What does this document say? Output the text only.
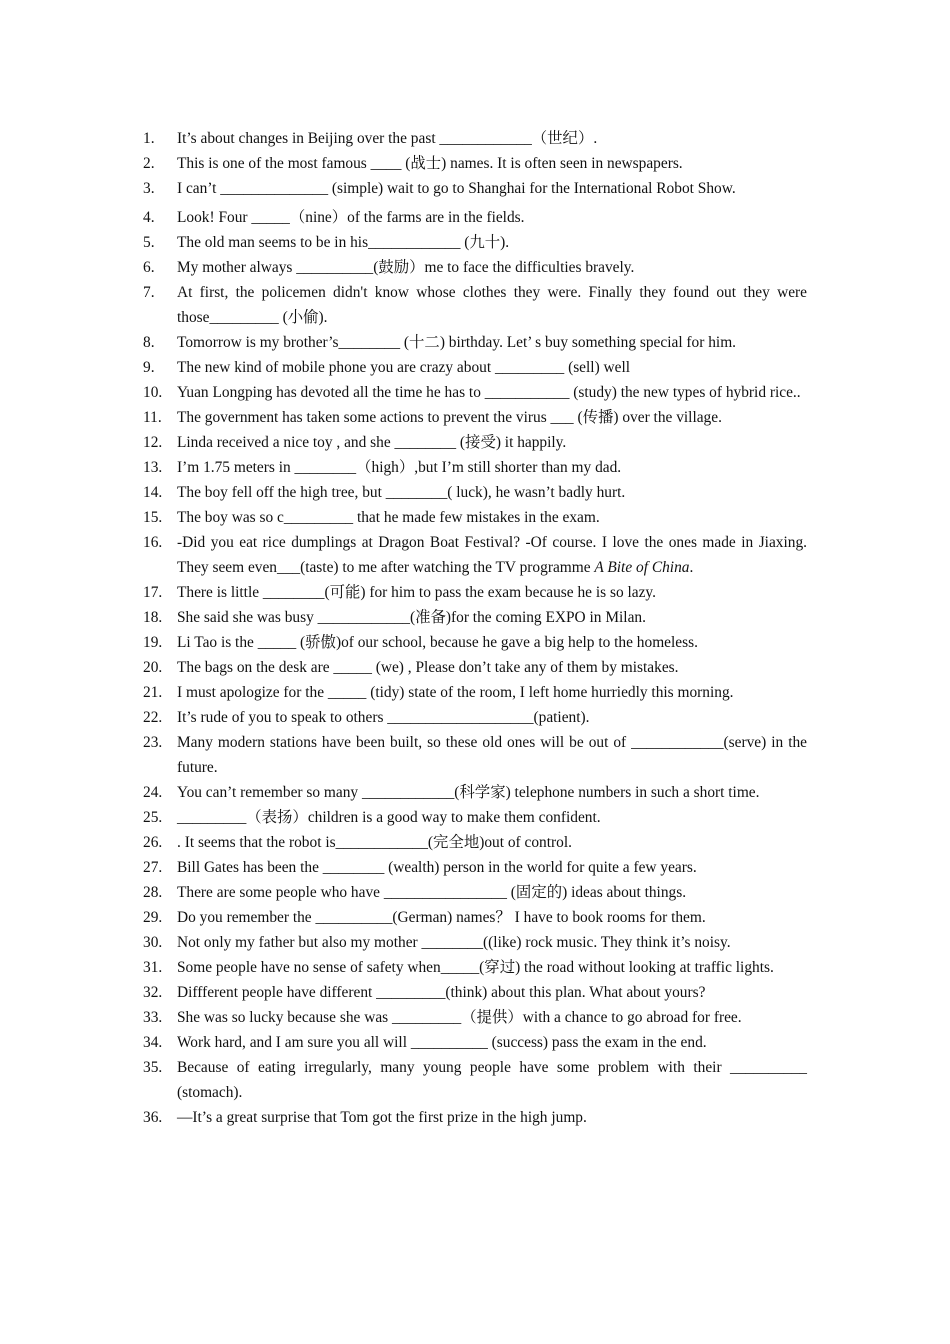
1. It’s about changes in Beijing over the past ____________（世纪）.
2. This is one of the most famous ____ (战士) names. It is often seen in newspapers.
3. I can’t ______________ (simple) wait to go to Shanghai for the International Robot Show.
4. Look! Four _____（nine）of the farms are in the fields.
5. The old man seems to be in his____________ (九十).
6. My mother always __________(鼓励）me to face the difficulties bravely.
7. At first, the policemen didn't know whose clothes they were. Finally they found out they were those_________ (小偷).
8. Tomorrow is my brother’s________ (十二) birthday. Let’ s buy something special for him.
9. The new kind of mobile phone you are crazy about _________ (sell) well
10. Yuan Longping has devoted all the time he has to ___________ (study) the new types of hybrid rice..
11. The government has taken some actions to prevent the virus ___ (传播) over the village.
12. Linda received a nice toy , and she ________ (接受) it happily.
13. I’m 1.75 meters in ________（high）,but I’m still shorter than my dad.
14. The boy fell off the high tree, but ________( luck), he wasn’t badly hurt.
15. The boy was so c_________ that he made few mistakes in the exam.
16. -Did you eat rice dumplings at Dragon Boat Festival? -Of course. I love the ones made in Jiaxing. They seem even___(taste) to me after watching the TV programme A Bite of China.
17. There is little ________(可能) for him to pass the exam because he is so lazy.
18. She said she was busy ____________(准备)for the coming EXPO in Milan.
19. Li Tao is the _____ (骄傲)of our school, because he gave a big help to the homeless.
20. The bags on the desk are _____ (we) , Please don’t take any of them by mistakes.
21. I must apologize for the _____ (tidy) state of the room, I left home hurriedly this morning.
22. It’s rude of you to speak to others ___________________(patient).
23. Many modern stations have been built, so these old ones will be out of ____________(serve) in the future.
24. You can’t remember so many ____________(科学家) telephone numbers in such a short time.
25. _________（表扬）children is a good way to make them confident.
26. . It seems that the robot is____________(完全地)out of control.
27. Bill Gates has been the ________ (wealth) person in the world for quite a few years.
28. There are some people who have ________________ (固定的) ideas about things.
29. Do you remember the __________(German) names？ I have to book rooms for them.
30. Not only my father but also my mother ________((like) rock music. They think it’s noisy.
31. Some people have no sense of safety when_____(穿过) the road without looking at traffic lights.
32. Diffferent people have different _________(think) about this plan. What about yours?
33. She was so lucky because she was _________（提供）with a chance to go abroad for free.
34. Work hard, and I am sure you all will __________ (success) pass the exam in the end.
35. Because of eating irregularly, many young people have some problem with their __________ (stomach).
36. —It’s a great surprise that Tom got the first prize in the high jump.
